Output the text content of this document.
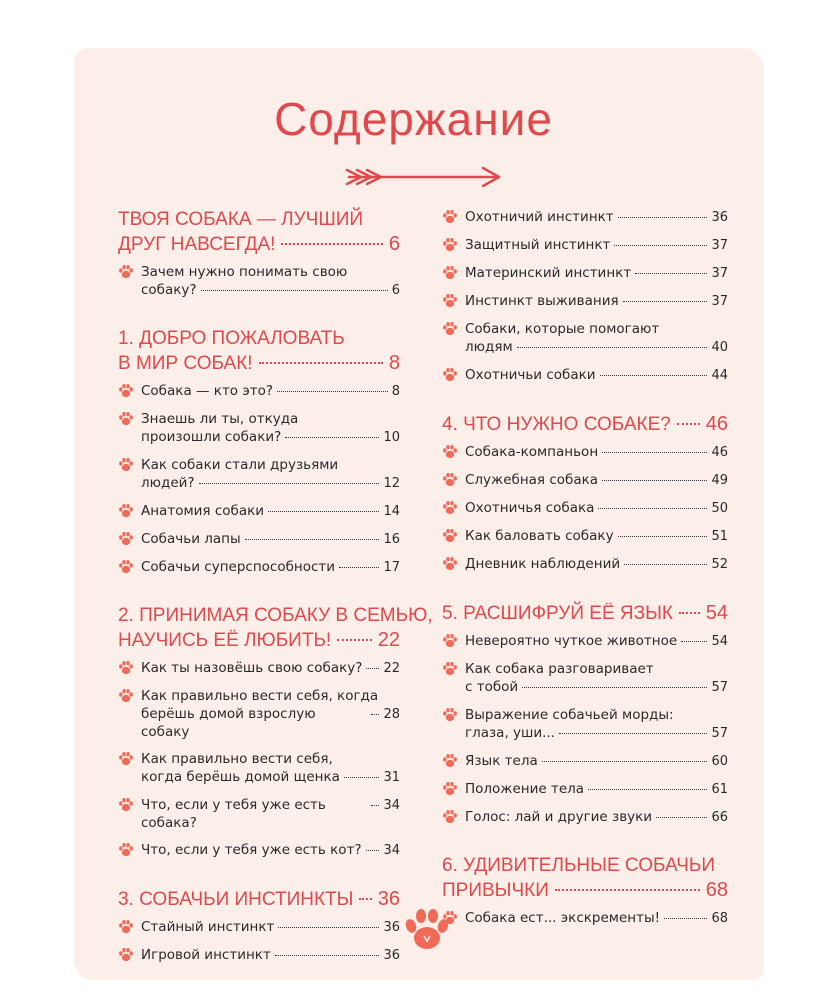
Содержание
ТВОЯ СОБАКА — ЛУЧШИЙ
ДРУГ НАВСЕГДА!	6
Зачем нужно понимать свою
собаку?	6
1. ДОБРО ПОЖАЛОВАТЬ
В МИР СОБАК!	8
Собака — кто это?	8
Знаешь ли ты, откуда
произошли собаки?	10
Как собаки стали друзьями
людей?	12
Анатомия собаки	14
Собачьи лапы	16
Собачьи суперспособности	17
2. ПРИНИМАЯ СОБАКУ В СЕМЬЮ,
НАУЧИСЬ ЕЁ ЛЮБИТЬ! 22
Как ты назовёшь свою собаку? 22
Как правильно вести себя, когда
берёшь домой взрослую собаку
28
Как правильно вести себя,
когда берёшь домой щенка	31
Что, если у тебя уже есть собака?
34
Что, если у тебя уже есть кот? 34
3. СОБАЧЬИ ИНСТИНКТЫ 36
Стайный инстинкт	36
Игровой инстинкт	36
Охотничий инстинкт	36
Защитный инстинкт	37
Материнский инстинкт	37
Инстинкт выживания	37
Собаки, которые помогают
людям	40
Охотничьи собаки	44
4. ЧТО НУЖНО СОБАКЕ? 46
Собака-компаньон	46
Служебная собака	49
Охотничья собака	50
Как баловать собаку	51
Дневник наблюдений	52
5. РАСШИФРУЙ ЕЁ ЯЗЫК 54
Невероятно чуткое животное	54
Как собака разговаривает
с тобой	57
Выражение собачьей морды:
глаза, уши...	57
Язык тела	60
Положение тела	61
Голос: лай и другие звуки	66
6. УДИВИТЕЛЬНЫЕ СОБАЧЬИ
ПРИВЫЧКИ	68
Собака ест... экскременты!	68
